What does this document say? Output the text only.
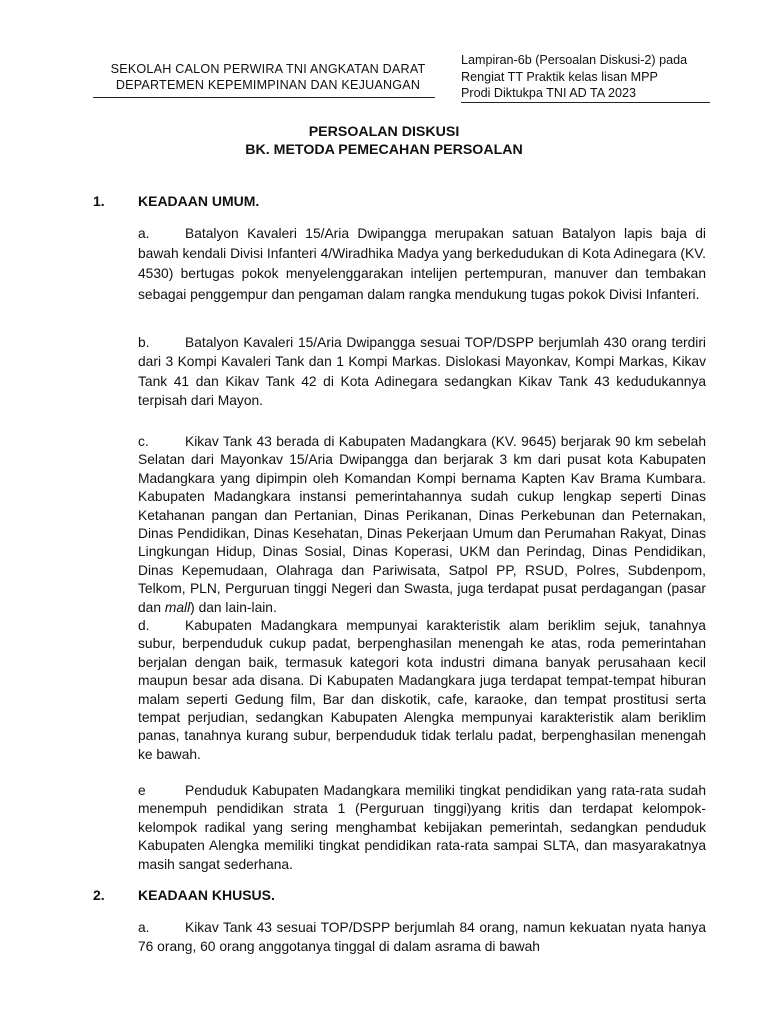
SEKOLAH CALON PERWIRA TNI ANGKATAN DARAT
DEPARTEMEN KEPEMIMPINAN DAN KEJUANGAN
Lampiran-6b (Persoalan Diskusi-2) pada
Rengiat TT Praktik kelas lisan MPP
Prodi Diktukpa TNI AD TA 2023
PERSOALAN DISKUSI
BK. METODA PEMECAHAN PERSOALAN
1. KEADAAN UMUM.

a.	Batalyon Kavaleri 15/Aria Dwipangga merupakan satuan Batalyon lapis baja di bawah kendali Divisi Infanteri 4/Wiradhika Madya yang berkedudukan di Kota Adinegara (KV. 4530) bertugas pokok menyelenggarakan intelijen pertempuran, manuver dan tembakan sebagai penggempur dan pengaman dalam rangka mendukung tugas pokok Divisi Infanteri.

b.	Batalyon Kavaleri 15/Aria Dwipangga sesuai TOP/DSPP berjumlah 430 orang terdiri dari 3 Kompi Kavaleri Tank dan 1 Kompi Markas. Dislokasi Mayonkav, Kompi Markas, Kikav Tank 41 dan Kikav Tank 42 di Kota Adinegara sedangkan Kikav Tank 43 kedudukannya terpisah dari Mayon.

c.	Kikav Tank 43 berada di Kabupaten Madangkara (KV. 9645) berjarak 90 km sebelah Selatan dari Mayonkav 15/Aria Dwipangga dan berjarak 3 km dari pusat kota Kabupaten Madangkara yang dipimpin oleh Komandan Kompi bernama Kapten Kav Brama Kumbara. Kabupaten Madangkara instansi pemerintahannya sudah cukup lengkap seperti Dinas Ketahanan pangan dan Pertanian, Dinas Perikanan, Dinas Perkebunan dan Peternakan, Dinas Pendidikan, Dinas Kesehatan, Dinas Pekerjaan Umum dan Perumahan Rakyat, Dinas Lingkungan Hidup, Dinas Sosial, Dinas Koperasi, UKM dan Perindag, Dinas Pendidikan, Dinas Kepemudaan, Olahraga dan Pariwisata, Satpol PP, RSUD, Polres, Subdenpom, Telkom, PLN, Perguruan tinggi Negeri dan Swasta, juga terdapat pusat perdagangan (pasar dan mall) dan lain-lain.

d.	Kabupaten Madangkara mempunyai karakteristik alam beriklim sejuk, tanahnya subur, berpenduduk cukup padat, berpenghasilan menengah ke atas, roda pemerintahan berjalan dengan baik, termasuk kategori kota industri dimana banyak perusahaan kecil maupun besar ada disana. Di Kabupaten Madangkara juga terdapat tempat-tempat hiburan malam seperti Gedung film, Bar dan diskotik, cafe, karaoke, dan tempat prostitusi serta tempat perjudian, sedangkan Kabupaten Alengka mempunyai karakteristik alam beriklim panas, tanahnya kurang subur, berpenduduk tidak terlalu padat, berpenghasilan menengah ke bawah.

e	Penduduk Kabupaten Madangkara memiliki tingkat pendidikan yang rata-rata sudah menempuh pendidikan strata 1 (Perguruan tinggi)yang kritis dan terdapat kelompok-kelompok radikal yang sering menghambat kebijakan pemerintah, sedangkan penduduk Kabupaten Alengka memiliki tingkat pendidikan rata-rata sampai SLTA, dan masyarakatnya masih sangat sederhana.

2. KEADAAN KHUSUS.

a.	Kikav Tank 43 sesuai TOP/DSPP berjumlah 84 orang, namun kekuatan nyata hanya 76 orang, 60 orang anggotanya tinggal di dalam asrama di bawah
